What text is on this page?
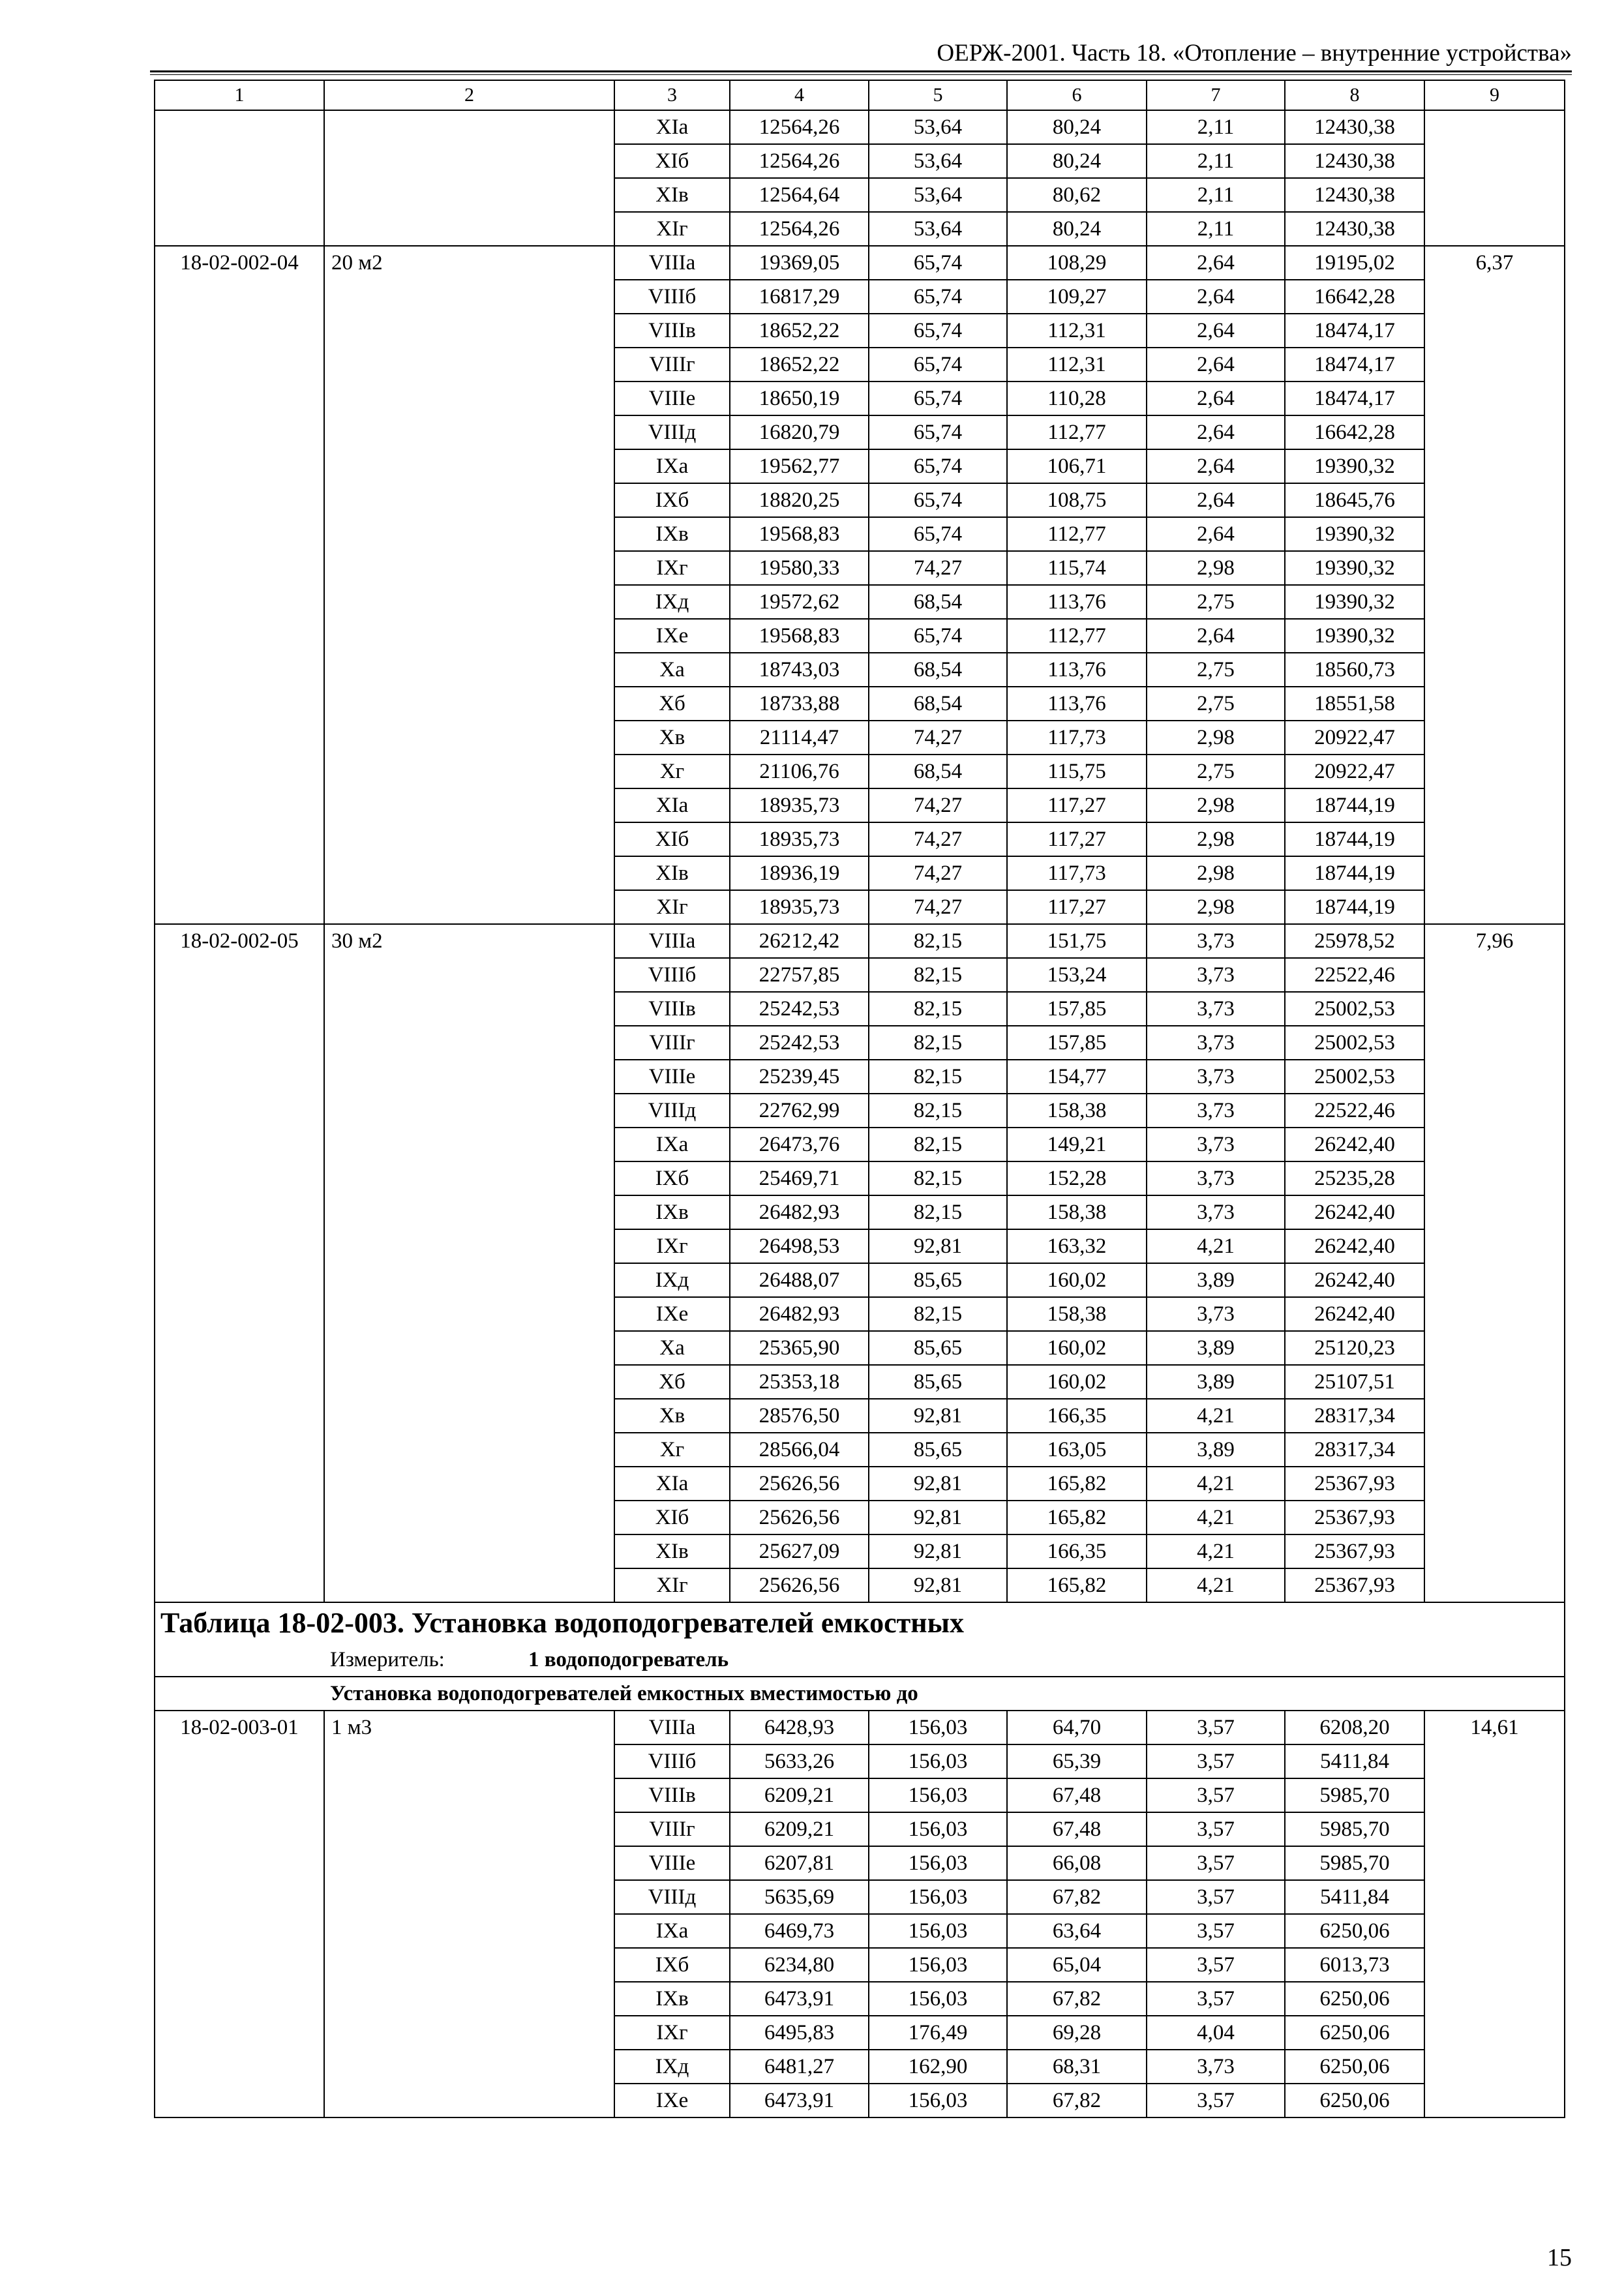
ОЕРЖ-2001. Часть 18. «Отопление – внутренние устройства»
1	2	3	4	5	6	7	8	9
		XIa	12564,26	53,64	80,24	2,11	12430,38	
		XIб	12564,26	53,64	80,24	2,11	12430,38	
		XIв	12564,64	53,64	80,62	2,11	12430,38	
		XIг	12564,26	53,64	80,24	2,11	12430,38	
18-02-002-04	20 м2	VIIIa	19369,05	65,74	108,29	2,64	19195,02	6,37
		VIIIб	16817,29	65,74	109,27	2,64	16642,28	
		VIIIв	18652,22	65,74	112,31	2,64	18474,17	
		VIIIг	18652,22	65,74	112,31	2,64	18474,17	
		VIIIe	18650,19	65,74	110,28	2,64	18474,17	
		VIIIд	16820,79	65,74	112,77	2,64	16642,28	
		IXa	19562,77	65,74	106,71	2,64	19390,32	
		IXб	18820,25	65,74	108,75	2,64	18645,76	
		IXв	19568,83	65,74	112,77	2,64	19390,32	
		IXг	19580,33	74,27	115,74	2,98	19390,32	
		IXд	19572,62	68,54	113,76	2,75	19390,32	
		IXe	19568,83	65,74	112,77	2,64	19390,32	
		Xa	18743,03	68,54	113,76	2,75	18560,73	
		Xб	18733,88	68,54	113,76	2,75	18551,58	
		Xв	21114,47	74,27	117,73	2,98	20922,47	
		Xг	21106,76	68,54	115,75	2,75	20922,47	
		XIa	18935,73	74,27	117,27	2,98	18744,19	
		XIб	18935,73	74,27	117,27	2,98	18744,19	
		XIв	18936,19	74,27	117,73	2,98	18744,19	
		XIг	18935,73	74,27	117,27	2,98	18744,19	
18-02-002-05	30 м2	VIIIa	26212,42	82,15	151,75	3,73	25978,52	7,96
		VIIIб	22757,85	82,15	153,24	3,73	22522,46	
		VIIIв	25242,53	82,15	157,85	3,73	25002,53	
		VIIIг	25242,53	82,15	157,85	3,73	25002,53	
		VIIIe	25239,45	82,15	154,77	3,73	25002,53	
		VIIIд	22762,99	82,15	158,38	3,73	22522,46	
		IXa	26473,76	82,15	149,21	3,73	26242,40	
		IXб	25469,71	82,15	152,28	3,73	25235,28	
		IXв	26482,93	82,15	158,38	3,73	26242,40	
		IXг	26498,53	92,81	163,32	4,21	26242,40	
		IXд	26488,07	85,65	160,02	3,89	26242,40	
		IXe	26482,93	82,15	158,38	3,73	26242,40	
		Xa	25365,90	85,65	160,02	3,89	25120,23	
		Xб	25353,18	85,65	160,02	3,89	25107,51	
		Xв	28576,50	92,81	166,35	4,21	28317,34	
		Xг	28566,04	85,65	163,05	3,89	28317,34	
		XIa	25626,56	92,81	165,82	4,21	25367,93	
		XIб	25626,56	92,81	165,82	4,21	25367,93	
		XIв	25627,09	92,81	166,35	4,21	25367,93	
		XIг	25626,56	92,81	165,82	4,21	25367,93	
Таблица 18-02-003. Установка водоподогревателей емкостных								
Измеритель: 1 водоподогреватель								
Установка водоподогревателей емкостных вместимостью до								
18-02-003-01	1 м3	VIIIa	6428,93	156,03	64,70	3,57	6208,20	14,61
		VIIIб	5633,26	156,03	65,39	3,57	5411,84	
		VIIIв	6209,21	156,03	67,48	3,57	5985,70	
		VIIIг	6209,21	156,03	67,48	3,57	5985,70	
		VIIIe	6207,81	156,03	66,08	3,57	5985,70	
		VIIIд	5635,69	156,03	67,82	3,57	5411,84	
		IXa	6469,73	156,03	63,64	3,57	6250,06	
		IXб	6234,80	156,03	65,04	3,57	6013,73	
		IXв	6473,91	156,03	67,82	3,57	6250,06	
		IXг	6495,83	176,49	69,28	4,04	6250,06	
		IXд	6481,27	162,90	68,31	3,73	6250,06	
		IXe	6473,91	156,03	67,82	3,57	6250,06	
15
